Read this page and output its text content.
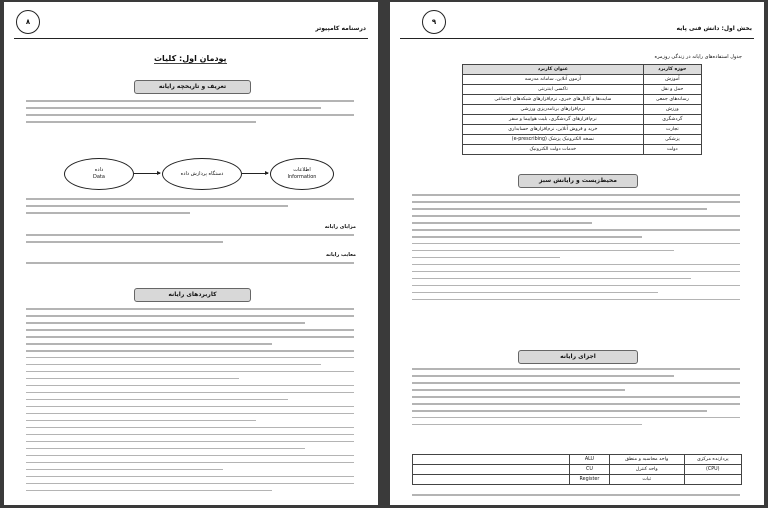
درسنامه کامپیوتر
۸
پودمان اول: کلیات
تعریف و تاریخچه رایانه
داده
Data
دستگاه پردازش داده
اطلاعات
Information
مزایای رایانه
معایب رایانه
کاربردهای رایانه
بخش اول: دانش فنی پایه
۹
جدول استفاده‌های رایانه در زندگی روزمره
حوزه کاربرد	عنوان کاربرد
آموزش	آزمون آنلاین، سامانه مدرسه
حمل و نقل	تاکسی اینترنتی
رسانه‌های جمعی	سایت‌ها و کانال‌های خبری، نرم‌افزارهای شبکه‌های اجتماعی
ورزش	نرم‌افزارهای برنامه‌ریزی ورزشی
گردشگری	نرم‌افزارهای گردشگری، بلیت هواپیما و سفر
تجارت	خرید و فروش آنلاین، نرم‌افزارهای حسابداری
پزشکی	نسخه الکترونیک پزشک (e-prescribing)
دولت	خدمات دولت الکترونیک
محیط‌زیست و رایانش سبز
اجزای رایانه
پردازنده مرکزی	واحد محاسبه و منطق	ALU	
(CPU)	واحد کنترل	CU	
	ثبات	Register	
